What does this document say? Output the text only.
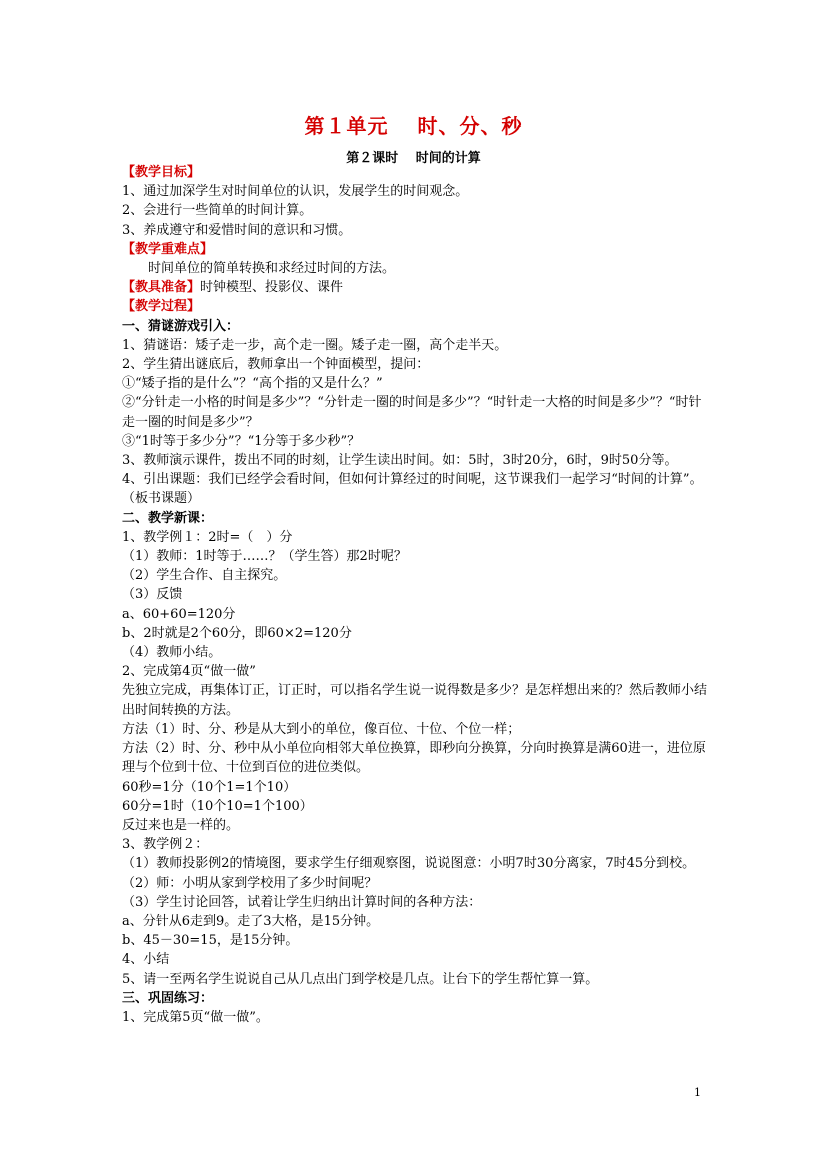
第１单元　 时、分、秒
第２课时　 时间的计算

【教学目标】

1、通过加深学生对时间单位的认识，发展学生的时间观念。

2、会进行一些简单的时间计算。

3、养成遵守和爱惜时间的意识和习惯。

【教学重难点】

时间单位的简单转换和求经过时间的方法。

【教具准备】时钟模型、投影仪、课件

【教学过程】

一、猜谜游戏引入：

1、猜谜语：矮子走一步，高个走一圈。矮子走一圈，高个走半天。

2、学生猜出谜底后，教师拿出一个钟面模型，提问：

①“矮子指的是什么”？“高个指的又是什么？”

②“分针走一小格的时间是多少”？“分针走一圈的时间是多少”？“时针走一大格的时间是多少”？“时针走一圈的时间是多少”？

③“1时等于多少分”？“1分等于多少秒”？

3、教师演示课件，拨出不同的时刻，让学生读出时间。如：5时，3时20分，6时，9时50分等。

4、引出课题：我们已经学会看时间，但如何计算经过的时间呢，这节课我们一起学习“时间的计算”。（板书课题）

二、教学新课：

1、教学例１：2时=（　）分

（1）教师：1时等于……？（学生答）那2时呢？

（2）学生合作、自主探究。

（3）反馈

a、60+60=120分

b、2时就是2个60分，即60×2=120分

（4）教师小结。

2、完成第4页“做一做”

先独立完成，再集体订正，订正时，可以指名学生说一说得数是多少？是怎样想出来的？然后教师小结出时间转换的方法。

方法（1）时、分、秒是从大到小的单位，像百位、十位、个位一样；

方法（2）时、分、秒中从小单位向相邻大单位换算，即秒向分换算，分向时换算是满60进一，进位原理与个位到十位、十位到百位的进位类似。

60秒=1分（10个1=1个10）

60分=1时（10个10=1个100）

反过来也是一样的。

3、教学例２：

（1）教师投影例2的情境图，要求学生仔细观察图，说说图意：小明7时30分离家，7时45分到校。

（2）师：小明从家到学校用了多少时间呢？

（3）学生讨论回答，试着让学生归纳出计算时间的各种方法：

a、分针从6走到9。走了3大格，是15分钟。

b、45－30=15，是15分钟。

4、小结

5、请一至两名学生说说自己从几点出门到学校是几点。让台下的学生帮忙算一算。

三、巩固练习：

1、完成第5页“做一做”。

1
